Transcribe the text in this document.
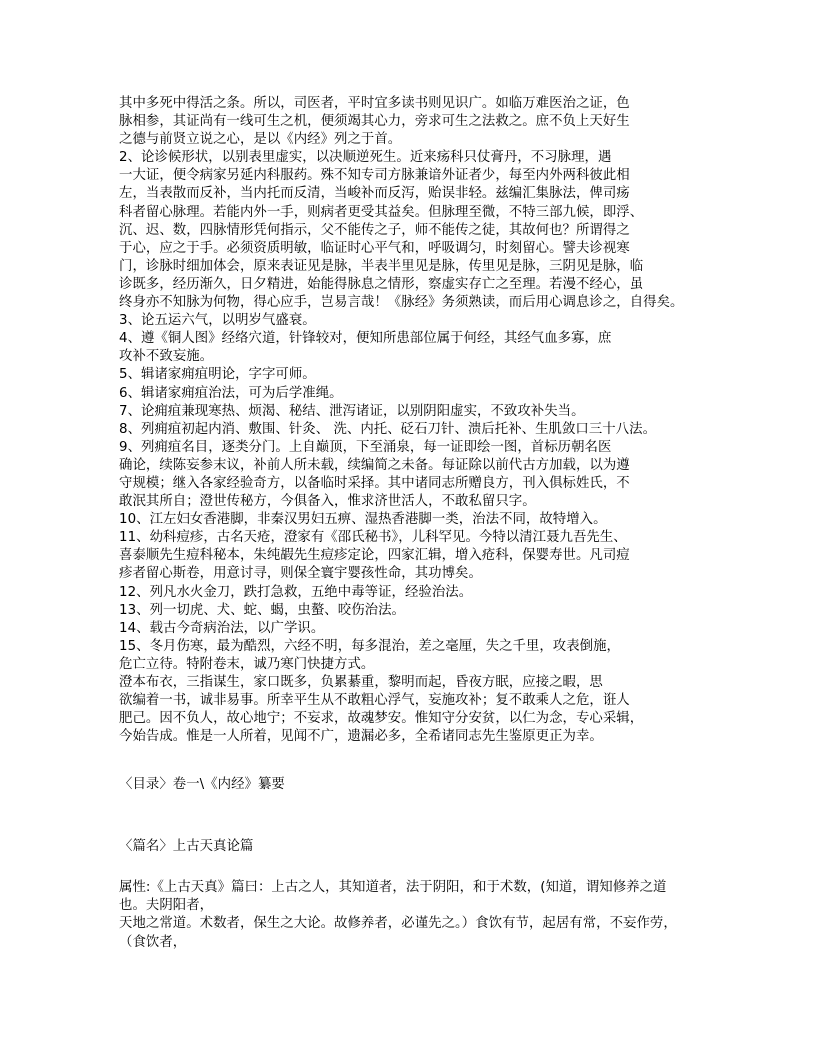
其中多死中得活之条。所以，司医者，平时宜多读书则见识广。如临万难医治之证，色
脉相参，其证尚有一线可生之机，便须竭其心力，旁求可生之法救之。庶不负上天好生
之德与前贤立说之心，是以《内经》列之于首。
2、论诊候形状，以别表里虚实，以决顺逆死生。近来疡科只仗膏丹，不习脉理，遇
一大证，便令病家另延内科服药。殊不知专司方脉兼谙外证者少，每至内外两科彼此相
左，当表散而反补，当内托而反清，当峻补而反泻，贻误非轻。兹编汇集脉法，俾司疡
科者留心脉理。若能内外一手，则病者更受其益矣。但脉理至微，不特三部九候，即浮、
沉、迟、数，四脉情形凭何指示，父不能传之子，师不能传之徒，其故何也？所谓得之
于心，应之于手。必须资质明敏，临证时心平气和，呼吸调匀，时刻留心。譬夫诊视寒
门，诊脉时细加体会，原来表证见是脉，半表半里见是脉，传里见是脉，三阴见是脉，临
诊既多，经历渐久，日夕精进，始能得脉息之情形，察虚实存亡之至理。若漫不经心，虽
终身亦不知脉为何物，得心应手，岂易言哉！《脉经》务须熟读，而后用心调息诊之，自得矣。
3、论五运六气，以明岁气盛衰。
4、遵《铜人图》经络穴道，针锋较对，便知所患部位属于何经，其经气血多寡，庶
攻补不致妄施。
5、辑诸家痈疽明论，字字可师。
6、辑诸家痈疽治法，可为后学准绳。
7、论痈疽兼现寒热、烦渴、秘结、泄泻诸证，以别阴阳虚实，不致攻补失当。
8、列痈疽初起内消、敷围、针灸、 洗、内托、砭石刀针、溃后托补、生肌敛口三十八法。
9、列痈疽名目，逐类分门。上自巅顶，下至涌泉，每一证即绘一图，首标历朝名医
确论，续陈妄参末议，补前人所未载，续编简之未备。每证除以前代古方加载，以为遵
守规模；继入各家经验奇方，以备临时采择。其中诸同志所赠良方，刊入俱标姓氏，不
敢泯其所自；澄世传秘方，今俱备入，惟求济世活人，不敢私留只字。
10、江左妇女香港脚，非秦汉男妇五痹、湿热香港脚一类，治法不同，故特增入。
11、幼科痘疹，古名天疮，澄家有《邵氏秘书》，儿科罕见。今特以清江聂九吾先生、
喜泰顺先生痘科秘本，朱纯嘏先生痘疹定论，四家汇辑，增入疮科，保婴寿世。凡司痘
疹者留心斯卷，用意讨寻，则保全寰宇婴孩性命，其功博矣。
12、列凡水火金刀，跌打急救，五绝中毒等证，经验治法。
13、列一切虎、犬、蛇、蝎，虫螯、咬伤治法。
14、载古今奇病治法，以广学识。
15、冬月伤寒，最为酷烈，六经不明，每多混治，差之毫厘，失之千里，攻表倒施，
危亡立待。特附卷末，诚乃寒门快捷方式。
澄本布衣，三指谋生，家口既多，负累綦重，黎明而起，昏夜方眠，应接之暇，思
欲编着一书，诚非易事。所幸平生从不敢粗心浮气，妄施攻补；复不敢乘人之危，诳人
肥己。因不负人，故心地宁；不妄求，故魂梦安。惟知守分安贫，以仁为念，专心采辑，
今始告成。惟是一人所着，见闻不广，遗漏必多，全希诸同志先生鉴原更正为幸。
〈目录〉卷一\《内经》纂要
〈篇名〉上古天真论篇
属性:《上古天真》篇曰：上古之人，其知道者，法于阴阳，和于术数，(知道，谓知修养之道
也。夫阴阳者，
天地之常道。术数者，保生之大论。故修养者，必谨先之。）食饮有节，起居有常，不妄作劳，
（食饮者，
